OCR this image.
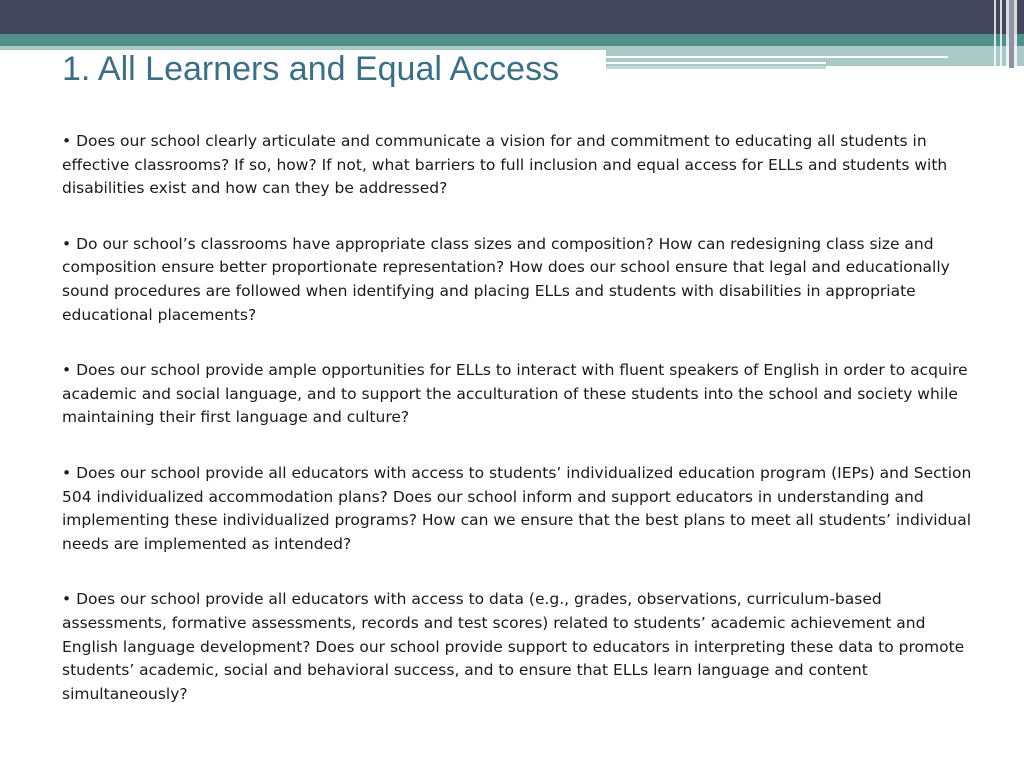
1. All Learners and Equal Access

• Does our school clearly articulate and communicate a vision for and commitment to educating all students in effective classrooms? If so, how? If not, what barriers to full inclusion and equal access for ELLs and students with disabilities exist and how can they be addressed?

• Do our school’s classrooms have appropriate class sizes and composition? How can redesigning class size and composition ensure better proportionate representation? How does our school ensure that legal and educationally sound procedures are followed when identifying and placing ELLs and students with disabilities in appropriate educational placements?

• Does our school provide ample opportunities for ELLs to interact with fluent speakers of English in order to acquire academic and social language, and to support the acculturation of these students into the school and society while maintaining their first language and culture?

• Does our school provide all educators with access to students’ individualized education program (IEPs) and Section 504 individualized accommodation plans? Does our school inform and support educators in understanding and implementing these individualized programs? How can we ensure that the best plans to meet all students’ individual needs are implemented as intended?

• Does our school provide all educators with access to data (e.g., grades, observations, curriculum-based assessments, formative assessments, records and test scores) related to students’ academic achievement and English language development? Does our school provide support to educators in interpreting these data to promote students’ academic, social and behavioral success, and to ensure that ELLs learn language and content simultaneously?
